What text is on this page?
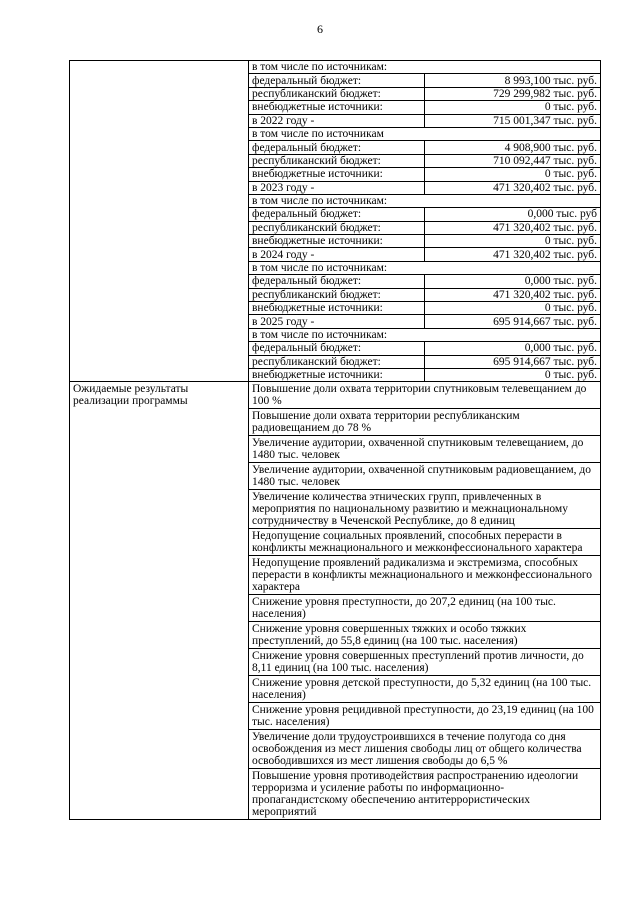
6

в том числе по источникам:
федеральный бюджет:	8 993,100 тыс. руб.
республиканский бюджет:	729 299,982 тыс. руб.
внебюджетные источники:	0 тыс. руб.
в 2022 году -	715 001,347 тыс. руб.
в том числе по источникам
федеральный бюджет:	4 908,900 тыс. руб.
республиканский бюджет:	710 092,447 тыс. руб.
внебюджетные источники:	0 тыс. руб.
в 2023 году -	471 320,402 тыс. руб.
в том числе по источникам:
федеральный бюджет:	0,000 тыс. руб
республиканский бюджет:	471 320,402 тыс. руб.
внебюджетные источники:	0 тыс. руб.
в 2024 году -	471 320,402 тыс. руб.
в том числе по источникам:
федеральный бюджет:	0,000 тыс. руб.
республиканский бюджет:	471 320,402 тыс. руб.
внебюджетные источники:	0 тыс. руб.
в 2025 году -	695 914,667 тыс. руб.
в том числе по источникам:
федеральный бюджет:	0,000 тыс. руб.
республиканский бюджет:	695 914,667 тыс. руб.
внебюджетные источники:	0 тыс. руб.

Ожидаемые результаты реализации программы

Повышение доли охвата территории спутниковым телевещанием до 100 %
Повышение доли охвата территории республиканским радиовещанием до 78 %
Увеличение аудитории, охваченной спутниковым телевещанием, до 1480 тыс. человек
Увеличение аудитории, охваченной спутниковым радиовещанием, до 1480 тыс. человек
Увеличение количества этнических групп, привлеченных в мероприятия по национальному развитию и межнациональному сотрудничеству в Чеченской Республике, до 8 единиц
Недопущение социальных проявлений, способных перерасти в конфликты межнационального и межконфессионального характера
Недопущение проявлений радикализма и экстремизма, способных перерасти в конфликты межнационального и межконфессионального характера
Снижение уровня преступности, до 207,2 единиц (на 100 тыс. населения)
Снижение уровня совершенных тяжких и особо тяжких преступлений, до 55,8 единиц (на 100 тыс. населения)
Снижение уровня совершенных преступлений против личности, до 8,11 единиц (на 100 тыс. населения)
Снижение уровня детской преступности, до 5,32 единиц (на 100 тыс. населения)
Снижение уровня рецидивной преступности, до 23,19 единиц (на 100 тыс. населения)
Увеличение доли трудоустроившихся в течение полугода со дня освобождения из мест лишения свободы лиц от общего количества освободившихся из мест лишения свободы до 6,5 %
Повышение уровня противодействия распространению идеологии терроризма и усиление работы по информационно-пропагандистскому обеспечению антитеррористических мероприятий
